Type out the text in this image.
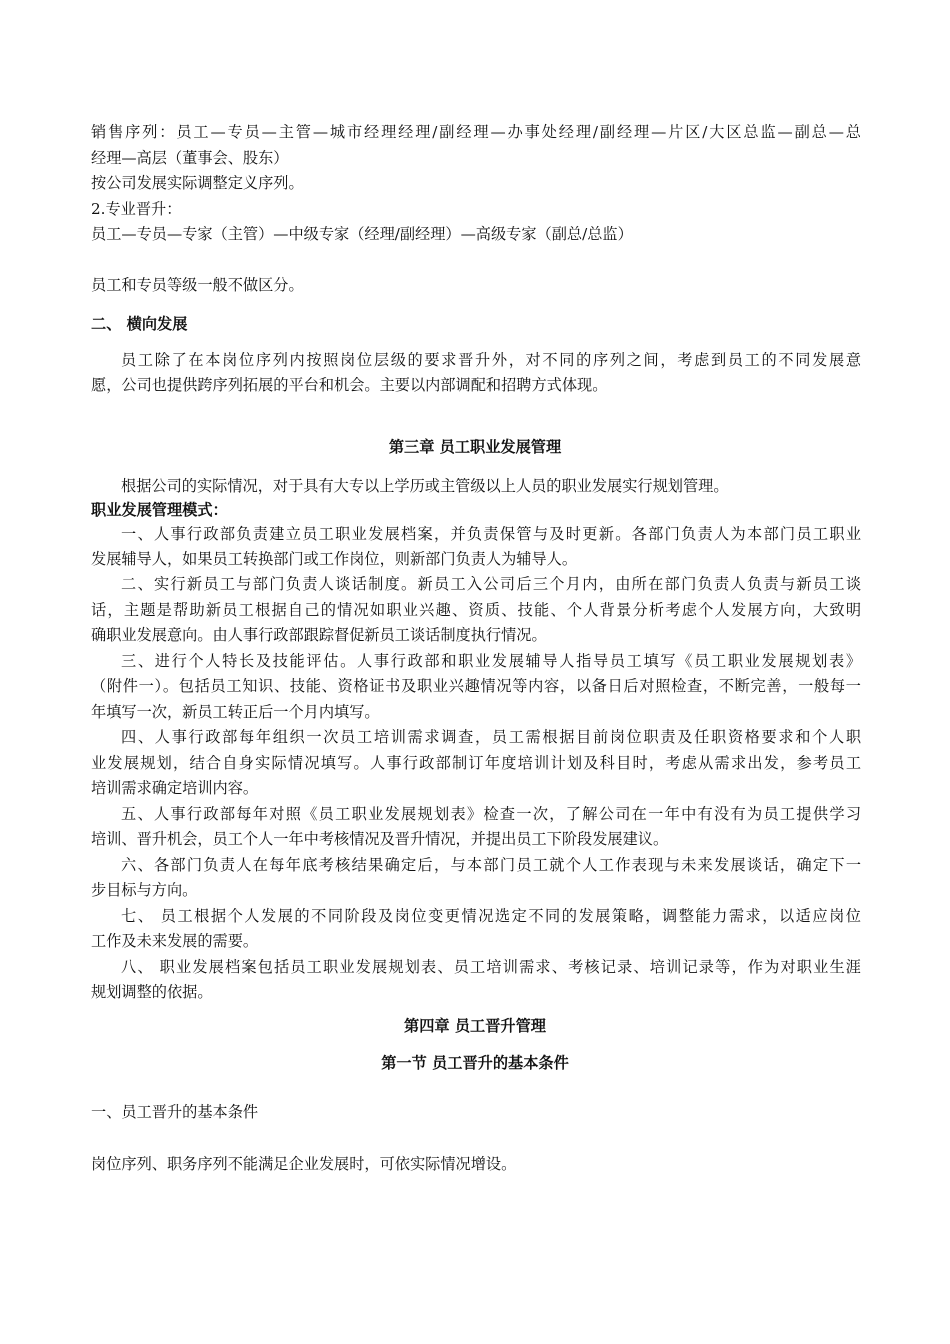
销售序列：员工—专员—主管—城市经理经理/副经理—办事处经理/副经理—片区/大区总监—副总—总
经理—高层（董事会、股东）
按公司发展实际调整定义序列。
2.专业晋升：
员工—专员—专家（主管）—中级专家（经理/副经理）—高级专家（副总/总监）
员工和专员等级一般不做区分。
二、 横向发展
员工除了在本岗位序列内按照岗位层级的要求晋升外，对不同的序列之间，考虑到员工的不同发展意
愿，公司也提供跨序列拓展的平台和机会。主要以内部调配和招聘方式体现。
第三章 员工职业发展管理
根据公司的实际情况，对于具有大专以上学历或主管级以上人员的职业发展实行规划管理。
职业发展管理模式：
一、人事行政部负责建立员工职业发展档案，并负责保管与及时更新。各部门负责人为本部门员工职业
发展辅导人，如果员工转换部门或工作岗位，则新部门负责人为辅导人。
二、实行新员工与部门负责人谈话制度。新员工入公司后三个月内，由所在部门负责人负责与新员工谈
话，主题是帮助新员工根据自己的情况如职业兴趣、资质、技能、个人背景分析考虑个人发展方向，大致明
确职业发展意向。由人事行政部跟踪督促新员工谈话制度执行情况。
三、进行个人特长及技能评估。人事行政部和职业发展辅导人指导员工填写《员工职业发展规划表》
（附件一）。包括员工知识、技能、资格证书及职业兴趣情况等内容，以备日后对照检查，不断完善，一般每一
年填写一次，新员工转正后一个月内填写。
四、人事行政部每年组织一次员工培训需求调查，员工需根据目前岗位职责及任职资格要求和个人职
业发展规划，结合自身实际情况填写。人事行政部制订年度培训计划及科目时，考虑从需求出发，参考员工
培训需求确定培训内容。
五、人事行政部每年对照《员工职业发展规划表》检查一次，了解公司在一年中有没有为员工提供学习
培训、晋升机会，员工个人一年中考核情况及晋升情况，并提出员工下阶段发展建议。
六、各部门负责人在每年底考核结果确定后，与本部门员工就个人工作表现与未来发展谈话，确定下一
步目标与方向。
七、 员工根据个人发展的不同阶段及岗位变更情况选定不同的发展策略，调整能力需求，以适应岗位
工作及未来发展的需要。
八、 职业发展档案包括员工职业发展规划表、员工培训需求、考核记录、培训记录等，作为对职业生涯
规划调整的依据。
第四章 员工晋升管理
第一节 员工晋升的基本条件
一、员工晋升的基本条件
岗位序列、职务序列不能满足企业发展时，可依实际情况增设。
